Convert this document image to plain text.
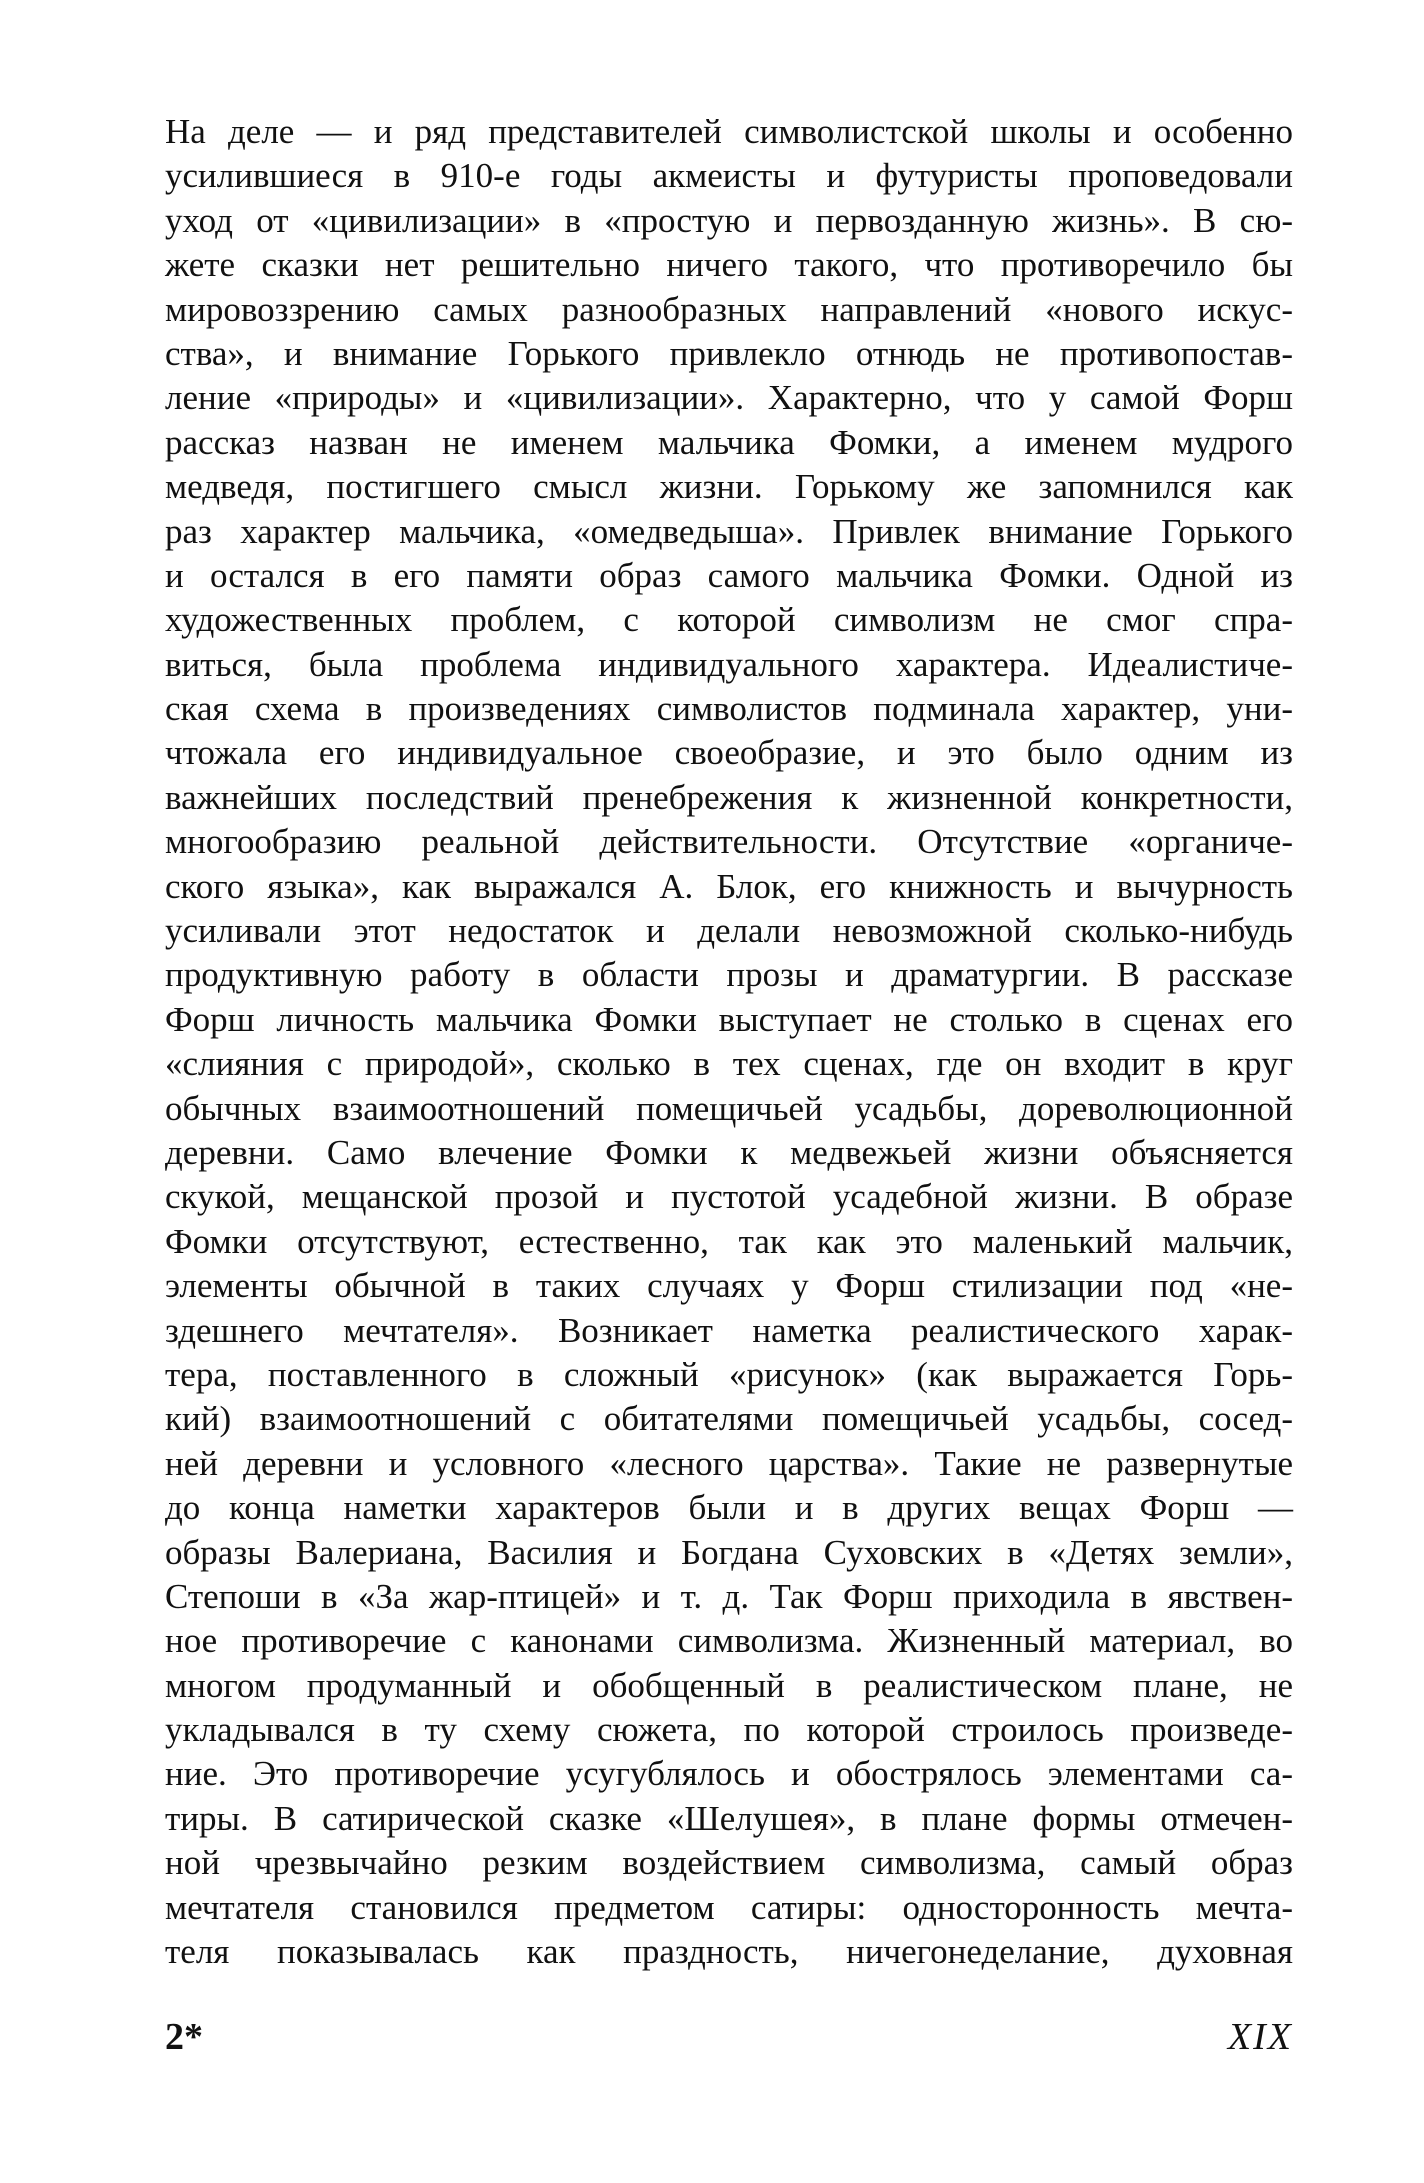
На деле — и ряд представителей символистской школы и особенно
усилившиеся в 910-е годы акмеисты и футуристы проповедовали
уход от «цивилизации» в «простую и первозданную жизнь». В сю-
жете сказки нет решительно ничего такого, что противоречило бы
мировоззрению самых разнообразных направлений «нового искус-
ства», и внимание Горького привлекло отнюдь не противопостав-
ление «природы» и «цивилизации». Характерно, что у самой Форш
рассказ назван не именем мальчика Фомки, а именем мудрого
медведя, постигшего смысл жизни. Горькому же запомнился как
раз характер мальчика, «омедведыша». Привлек внимание Горького
и остался в его памяти образ самого мальчика Фомки. Одной из
художественных проблем, с которой символизм не смог спра-
виться, была проблема индивидуального характера. Идеалистиче-
ская схема в произведениях символистов подминала характер, уни-
чтожала его индивидуальное своеобразие, и это было одним из
важнейших последствий пренебрежения к жизненной конкретности,
многообразию реальной действительности. Отсутствие «органиче-
ского языка», как выражался А. Блок, его книжность и вычурность
усиливали этот недостаток и делали невозможной сколько-нибудь
продуктивную работу в области прозы и драматургии. В рассказе
Форш личность мальчика Фомки выступает не столько в сценах его
«слияния с природой», сколько в тех сценах, где он входит в круг
обычных взаимоотношений помещичьей усадьбы, дореволюционной
деревни. Само влечение Фомки к медвежьей жизни объясняется
скукой, мещанской прозой и пустотой усадебной жизни. В образе
Фомки отсутствуют, естественно, так как это маленький мальчик,
элементы обычной в таких случаях у Форш стилизации под «не-
здешнего мечтателя». Возникает наметка реалистического харак-
тера, поставленного в сложный «рисунок» (как выражается Горь-
кий) взаимоотношений с обитателями помещичьей усадьбы, сосед-
ней деревни и условного «лесного царства». Такие не развернутые
до конца наметки характеров были и в других вещах Форш —
образы Валериана, Василия и Богдана Суховских в «Детях земли»,
Степоши в «За жар-птицей» и т. д. Так Форш приходила в явствен-
ное противоречие с канонами символизма. Жизненный материал, во
многом продуманный и обобщенный в реалистическом плане, не
укладывался в ту схему сюжета, по которой строилось произведе-
ние. Это противоречие усугублялось и обострялось элементами са-
тиры. В сатирической сказке «Шелушея», в плане формы отмечен-
ной чрезвычайно резким воздействием символизма, самый образ
мечтателя становился предметом сатиры: односторонность мечта-
теля показывалась как праздность, ничегонеделание, духовная
2*	XIX
